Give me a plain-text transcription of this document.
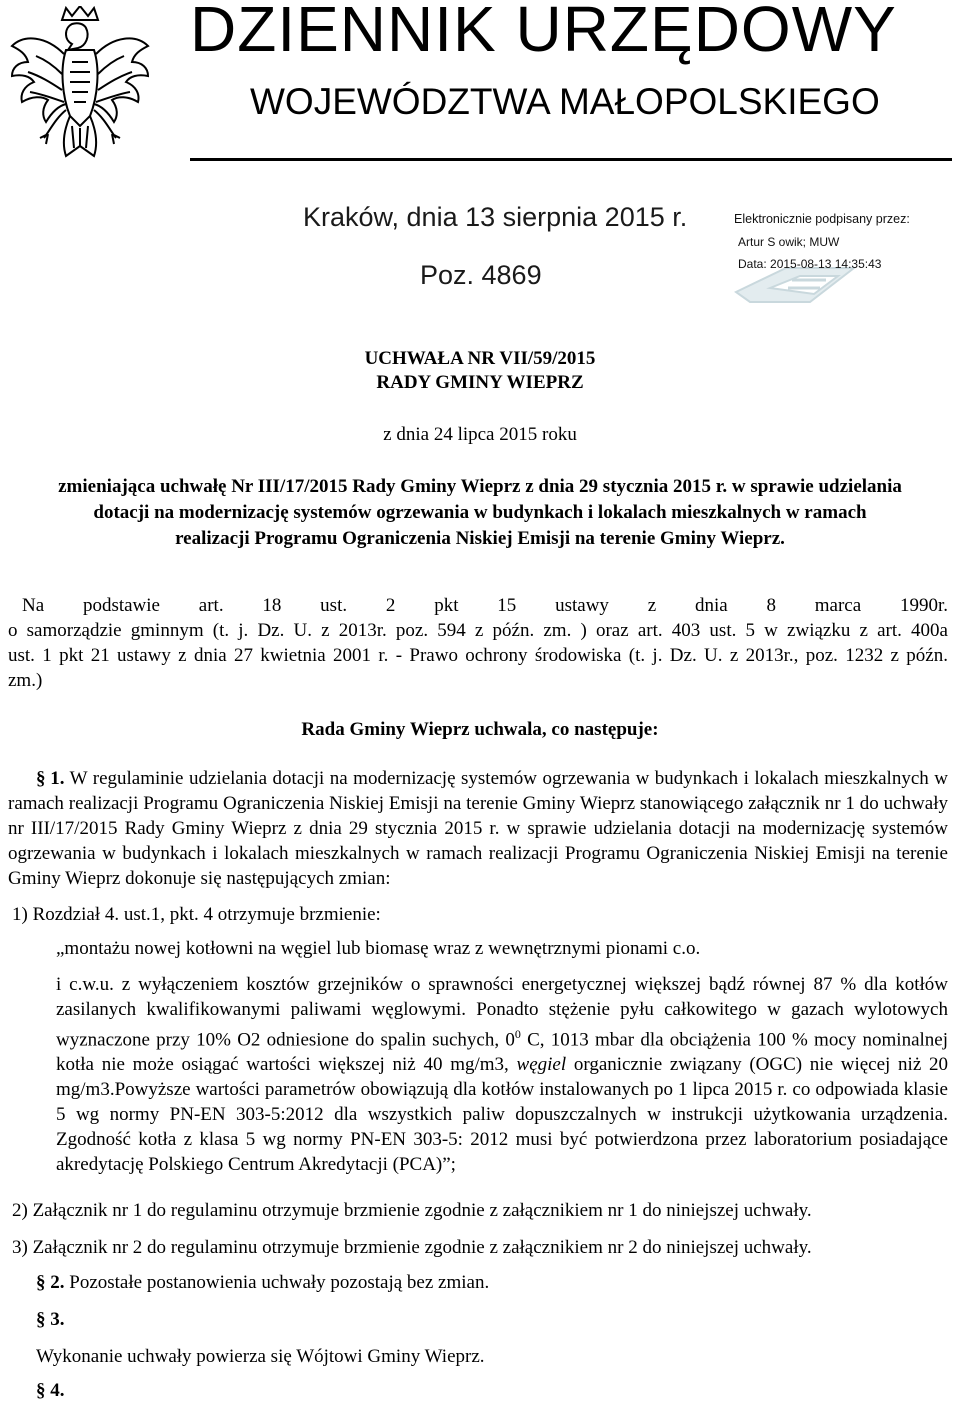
DZIENNIK URZĘDOWY
WOJEWÓDZTWA MAŁOPOLSKIEGO
Kraków, dnia 13 sierpnia 2015 r.
Poz. 4869
Elektronicznie podpisany przez:
Artur S owik; MUW
Data: 2015-08-13 14:35:43
UCHWAŁA NR VII/59/2015
RADY GMINY WIEPRZ
z dnia 24 lipca 2015 roku
zmieniająca uchwałę Nr III/17/2015 Rady Gminy Wieprz z dnia 29 stycznia 2015 r. w sprawie udzielania
dotacji na modernizację systemów ogrzewania w budynkach i lokalach mieszkalnych w ramach
realizacji Programu Ograniczenia Niskiej Emisji na terenie Gminy Wieprz.
Na podstawie art. 18 ust. 2 pkt 15 ustawy z dnia 8 marca 1990r.
o samorządzie gminnym (t. j. Dz. U. z 2013r. poz. 594 z późn. zm. ) oraz art. 403 ust. 5 w związku z art. 400a
ust. 1 pkt 21 ustawy z dnia 27 kwietnia 2001 r. - Prawo ochrony środowiska (t. j. Dz. U. z 2013r., poz. 1232 z późn.
zm.)
Rada Gminy Wieprz uchwala, co następuje:
§ 1. W regulaminie udzielania dotacji na modernizację systemów ogrzewania w budynkach i lokalach mieszkalnych w ramach realizacji Programu Ograniczenia Niskiej Emisji na terenie Gminy Wieprz stanowiącego załącznik nr 1 do uchwały nr III/17/2015 Rady Gminy Wieprz z dnia 29 stycznia 2015 r. w sprawie udzielania dotacji na modernizację systemów ogrzewania w budynkach i lokalach mieszkalnych w ramach realizacji Programu Ograniczenia Niskiej Emisji na terenie Gminy Wieprz dokonuje się następujących zmian:
1) Rozdział 4. ust.1, pkt. 4 otrzymuje brzmienie:
„montażu nowej kotłowni na węgiel lub biomasę wraz z wewnętrznymi pionami c.o.
i c.w.u. z wyłączeniem kosztów grzejników o sprawności energetycznej większej bądź równej 87 % dla kotłów zasilanych kwalifikowanymi paliwami węglowymi. Ponadto stężenie pyłu całkowitego w gazach wylotowych wyznaczone przy 10% O2 odniesione do spalin suchych, $0^0$ C, 1013 mbar dla obciążenia 100 % mocy nominalnej kotła nie może osiągać wartości większej niż 40 mg/m3, węgiel organicznie związany (OGC) nie więcej niż 20 mg/m3.Powyższe wartości parametrów obowiązują dla kotłów instalowanych po 1 lipca 2015 r. co odpowiada klasie 5 wg normy PN-EN 303-5:2012 dla wszystkich paliw dopuszczalnych w instrukcji użytkowania urządzenia. Zgodność kotła z klasa 5 wg normy PN-EN 303-5: 2012 musi być potwierdzona przez laboratorium posiadające akredytację Polskiego Centrum Akredytacji (PCA)”;
2) Załącznik nr 1 do regulaminu otrzymuje brzmienie zgodnie z załącznikiem nr 1 do niniejszej uchwały.
3) Załącznik nr 2 do regulaminu otrzymuje brzmienie zgodnie z załącznikiem nr 2 do niniejszej uchwały.
§ 2. Pozostałe postanowienia uchwały pozostają bez zmian.
§ 3.
Wykonanie uchwały powierza się Wójtowi Gminy Wieprz.
§ 4.
